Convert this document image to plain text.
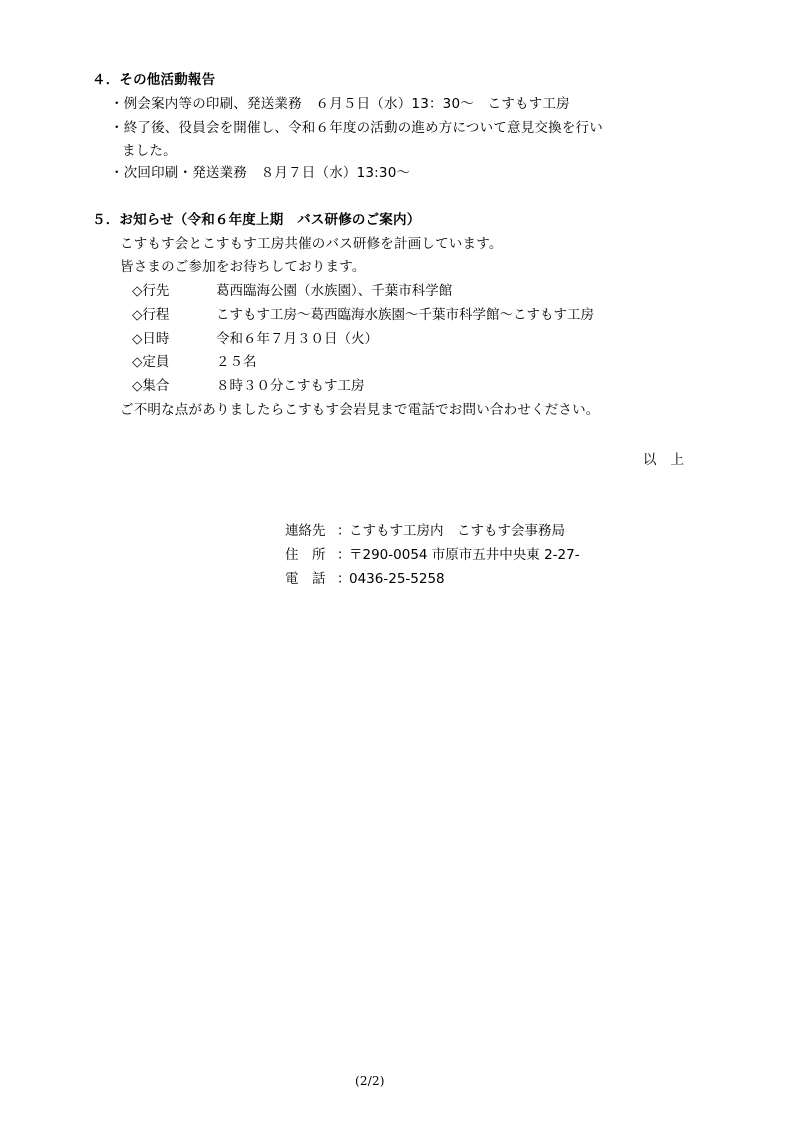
４．その他活動報告
・例会案内等の印刷、発送業務　６月５日（水）13：30～　こすもす工房
・終了後、役員会を開催し、令和６年度の活動の進め方について意見交換を行い
ました。
・次回印刷・発送業務　８月７日（水）13:30～
５．お知らせ（令和６年度上期　バス研修のご案内）
こすもす会とこすもす工房共催のバス研修を計画しています。
皆さまのご参加をお待ちしております。
◇行先	葛西臨海公園（水族園）、千葉市科学館
◇行程	こすもす工房～葛西臨海水族園～千葉市科学館～こすもす工房
◇日時	令和６年７月３０日（火）
◇定員	２５名
◇集合	８時３０分こすもす工房
ご不明な点がありましたらこすもす会岩見まで電話でお問い合わせください。
以上
連絡先 ：
こすもす工房内　こすもす会事務局
住　所 ：
〒290-0054 市原市五井中央東 2-27-
電　話 ：
0436-25-5258
(2/2)
